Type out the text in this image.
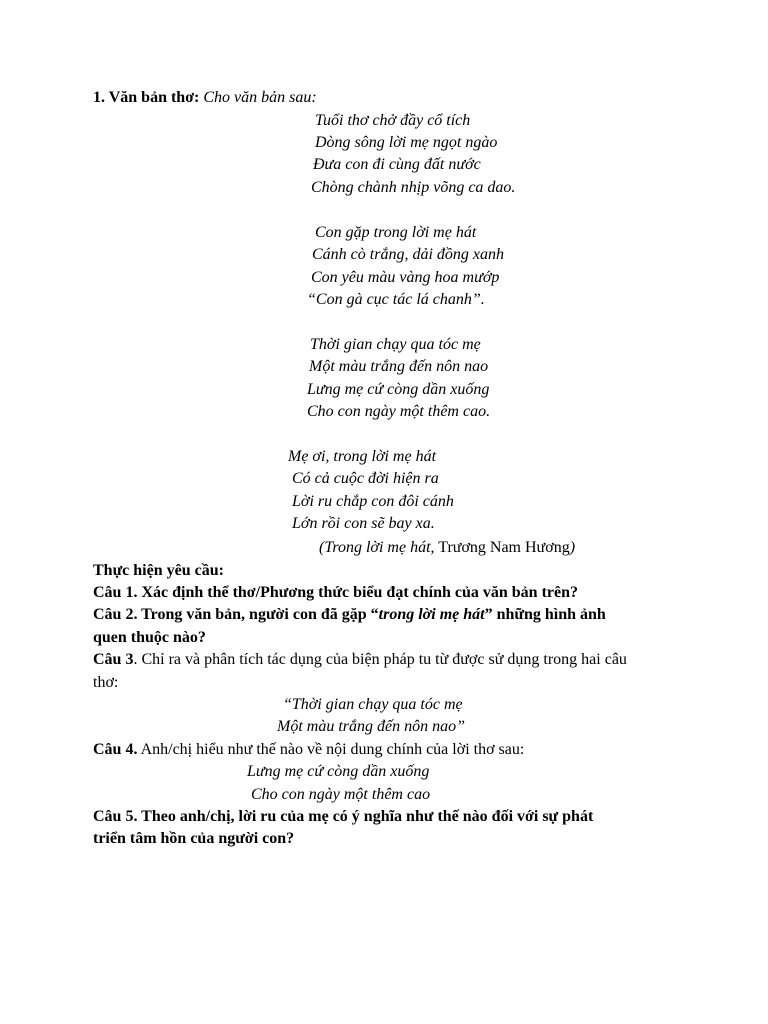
1. Văn bản thơ: Cho văn bản sau:
Tuổi thơ chở đầy cổ tích
Dòng sông lời mẹ ngọt ngào
Đưa con đi cùng đất nước
Chòng chành nhịp võng ca dao.
Con gặp trong lời mẹ hát
Cánh cò trắng, dải đồng xanh
Con yêu màu vàng hoa mướp
“Con gà cục tác lá chanh”.
Thời gian chạy qua tóc mẹ
Một màu trắng đến nôn nao
Lưng mẹ cứ còng dần xuống
Cho con ngày một thêm cao.
Mẹ ơi, trong lời mẹ hát
Có cả cuộc đời hiện ra
Lời ru chắp con đôi cánh
Lớn rồi con sẽ bay xa.
(Trong lời mẹ hát, Trương Nam Hương)
Thực hiện yêu cầu:
Câu 1. Xác định thể thơ/Phương thức biểu đạt chính của văn bản trên?
Câu 2. Trong văn bản, người con đã gặp “trong lời mẹ hát” những hình ảnh
quen thuộc nào?
Câu 3. Chỉ ra và phân tích tác dụng của biện pháp tu từ được sử dụng trong hai câu
thơ:
“Thời gian chạy qua tóc mẹ
Một màu trắng đến nôn nao”
Câu 4. Anh/chị hiểu như thế nào về nội dung chính của lời thơ sau:
Lưng mẹ cứ còng dần xuống
Cho con ngày một thêm cao
Câu 5. Theo anh/chị, lời ru của mẹ có ý nghĩa như thế nào đối với sự phát
triển tâm hồn của người con?
